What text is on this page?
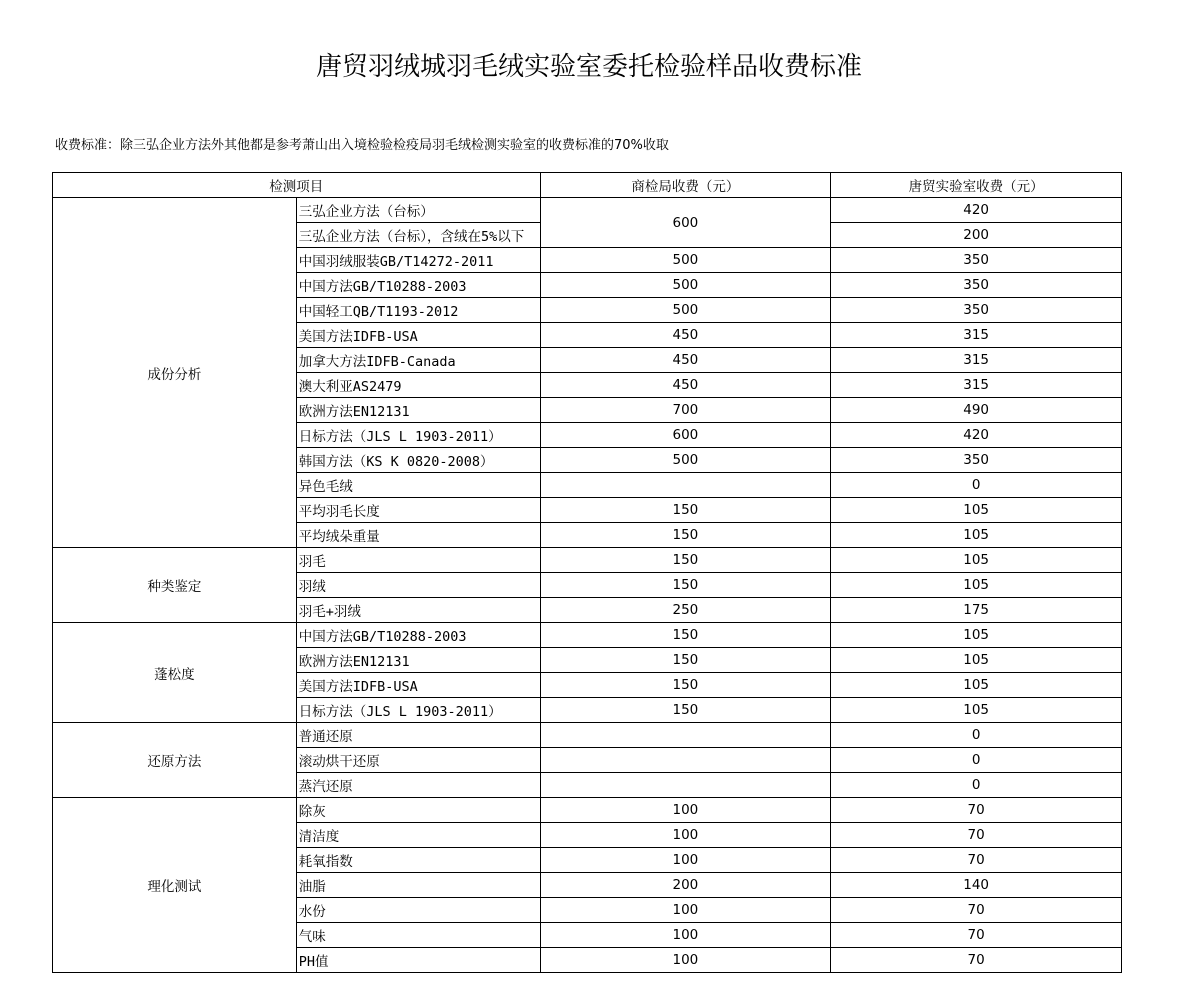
唐贸羽绒城羽毛绒实验室委托检验样品收费标准
收费标准：除三弘企业方法外其他都是参考萧山出入境检验检疫局羽毛绒检测实验室的收费标准的70%收取
检测项目		商检局收费（元）	唐贸实验室收费（元）
成份分析	三弘企业方法（台标）	600	420
	三弘企业方法（台标），含绒在5%以下		200
	中国羽绒服装GB/T14272-2011	500	350
	中国方法GB/T10288-2003	500	350
	中国轻工QB/T1193-2012	500	350
	美国方法IDFB-USA	450	315
	加拿大方法IDFB-Canada	450	315
	澳大利亚AS2479	450	315
	欧洲方法EN12131	700	490
	日标方法（JLS L 1903-2011）	600	420
	韩国方法（KS K 0820-2008）	500	350
	异色毛绒		0
	平均羽毛长度	150	105
	平均绒朵重量	150	105
种类鉴定	羽毛	150	105
	羽绒	150	105
	羽毛+羽绒	250	175
蓬松度	中国方法GB/T10288-2003	150	105
	欧洲方法EN12131	150	105
	美国方法IDFB-USA	150	105
	日标方法（JLS L 1903-2011）	150	105
还原方法	普通还原		0
	滚动烘干还原		0
	蒸汽还原		0
理化测试	除灰	100	70
	清洁度	100	70
	耗氧指数	100	70
	油脂	200	140
	水份	100	70
	气味	100	70
	PH值	100	70
